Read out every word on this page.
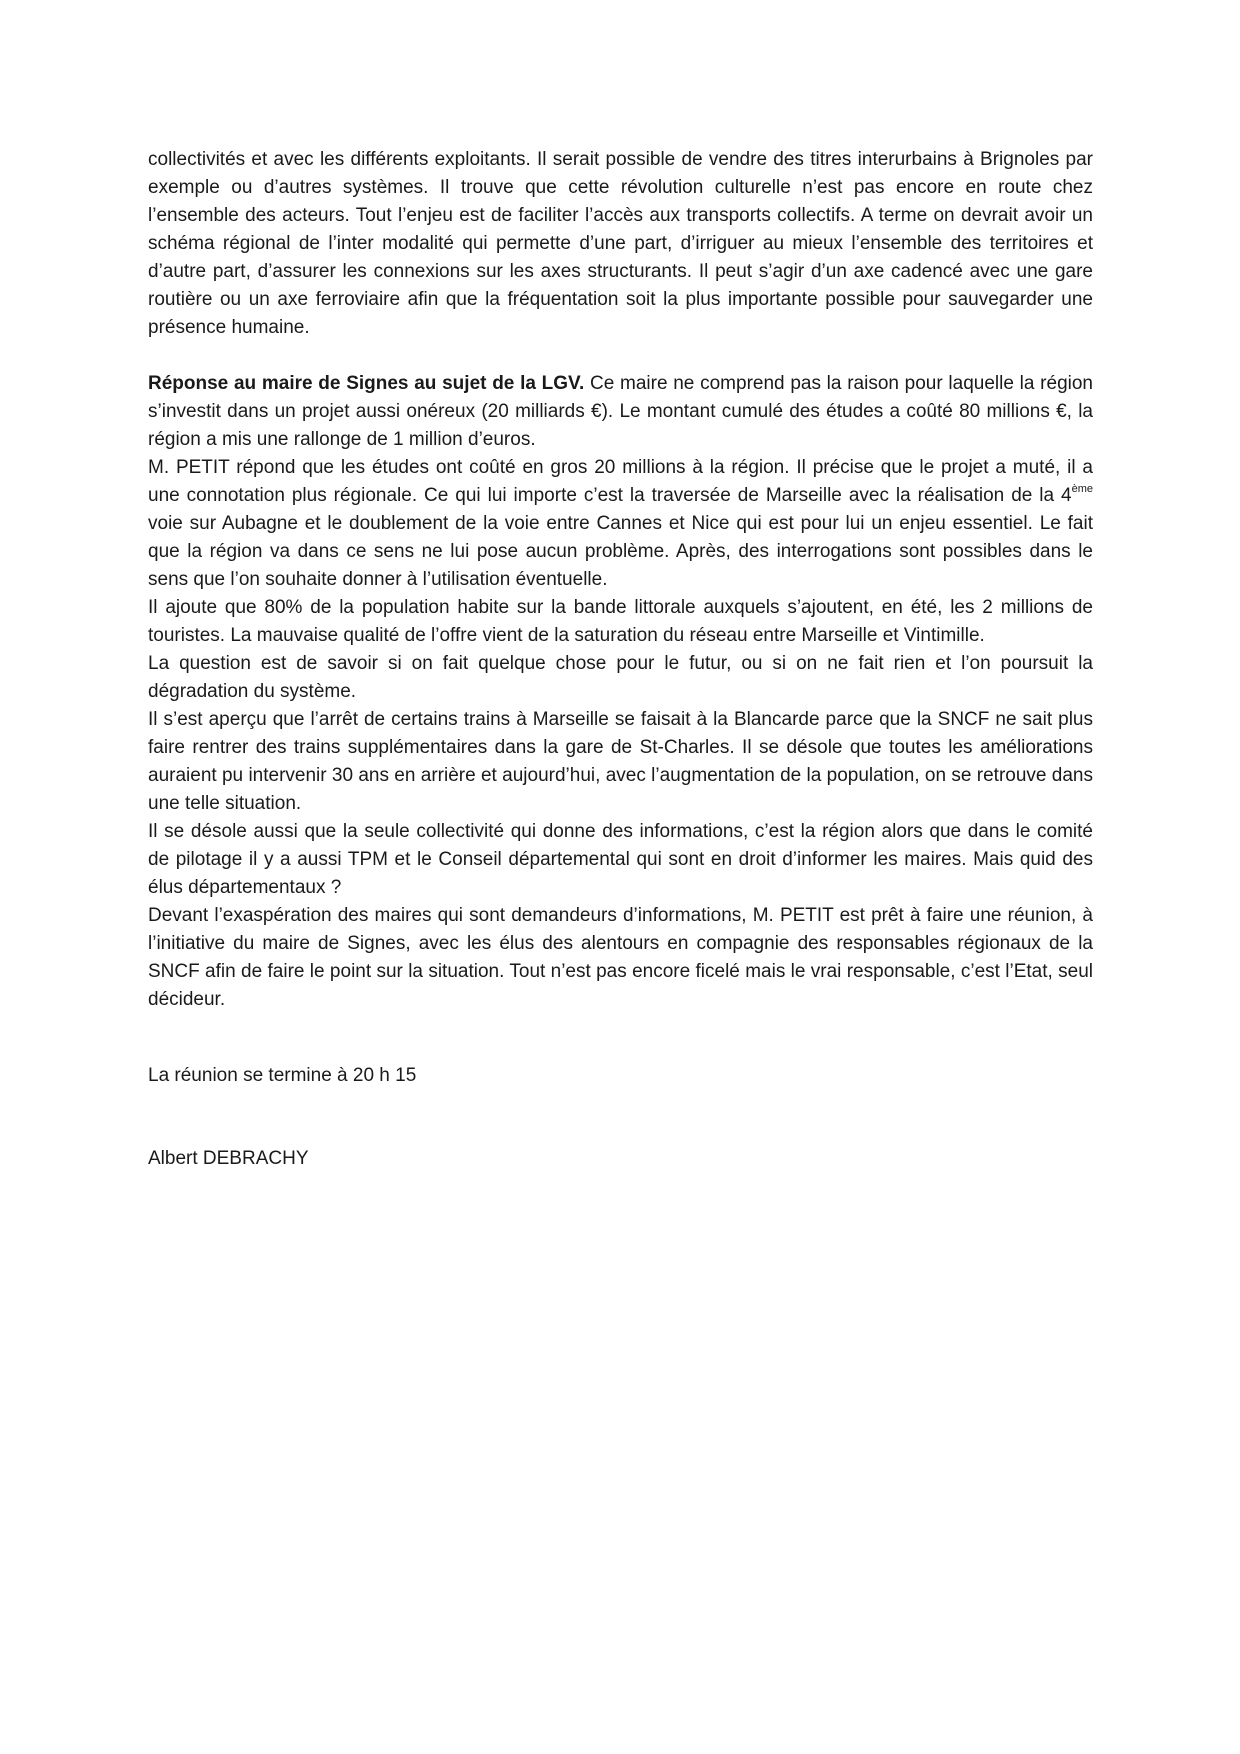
collectivités et avec les différents exploitants. Il serait possible de vendre des titres interurbains à Brignoles par exemple ou d’autres systèmes. Il trouve que cette révolution culturelle n’est pas encore en route chez l’ensemble des acteurs. Tout l’enjeu est de faciliter l’accès aux transports collectifs. A terme on devrait avoir un schéma régional de l’inter modalité qui permette d’une part, d’irriguer au mieux l’ensemble des territoires et d’autre part, d’assurer les connexions sur les axes structurants. Il peut s’agir d’un axe cadencé avec une gare routière ou un axe ferroviaire afin que la fréquentation soit la plus importante possible pour sauvegarder une présence humaine.

Réponse au maire de Signes au sujet de la LGV. Ce maire ne comprend pas la raison pour laquelle la région s’investit dans un projet aussi onéreux (20 milliards €). Le montant cumulé des études a coûté 80 millions €, la région a mis une rallonge de 1 million d’euros.

M. PETIT répond que les études ont coûté en gros 20 millions à la région. Il précise que le projet a muté, il a une connotation plus régionale. Ce qui lui importe c’est la traversée de Marseille avec la réalisation de la 4ème voie sur Aubagne et le doublement de la voie entre Cannes et Nice qui est pour lui un enjeu essentiel. Le fait que la région va dans ce sens ne lui pose aucun problème. Après, des interrogations sont possibles dans le sens que l’on souhaite donner à l’utilisation éventuelle.

Il ajoute que 80% de la population habite sur la bande littorale auxquels s’ajoutent, en été, les 2 millions de touristes. La mauvaise qualité de l’offre vient de la saturation du réseau entre Marseille et Vintimille.

La question est de savoir si on fait quelque chose pour le futur, ou si on ne fait rien et l’on poursuit la dégradation du système.

Il s’est aperçu que l’arrêt de certains trains à Marseille se faisait à la Blancarde parce que la SNCF ne sait plus faire rentrer des trains supplémentaires dans la gare de St-Charles. Il se désole que toutes les améliorations auraient pu intervenir 30 ans en arrière et aujourd’hui, avec l’augmentation de la population, on se retrouve dans une telle situation.

Il se désole aussi que la seule collectivité qui donne des informations, c’est la région alors que dans le comité de pilotage il y a aussi TPM et le Conseil départemental qui sont en droit d’informer les maires. Mais quid des élus départementaux ?

Devant l’exaspération des maires qui sont demandeurs d’informations, M. PETIT est prêt à faire une réunion, à l’initiative du maire de Signes, avec les élus des alentours en compagnie des responsables régionaux de la SNCF afin de faire le point sur la situation. Tout n’est pas encore ficelé mais le vrai responsable, c’est l’Etat, seul décideur.

La réunion se termine à 20 h 15

Albert DEBRACHY
